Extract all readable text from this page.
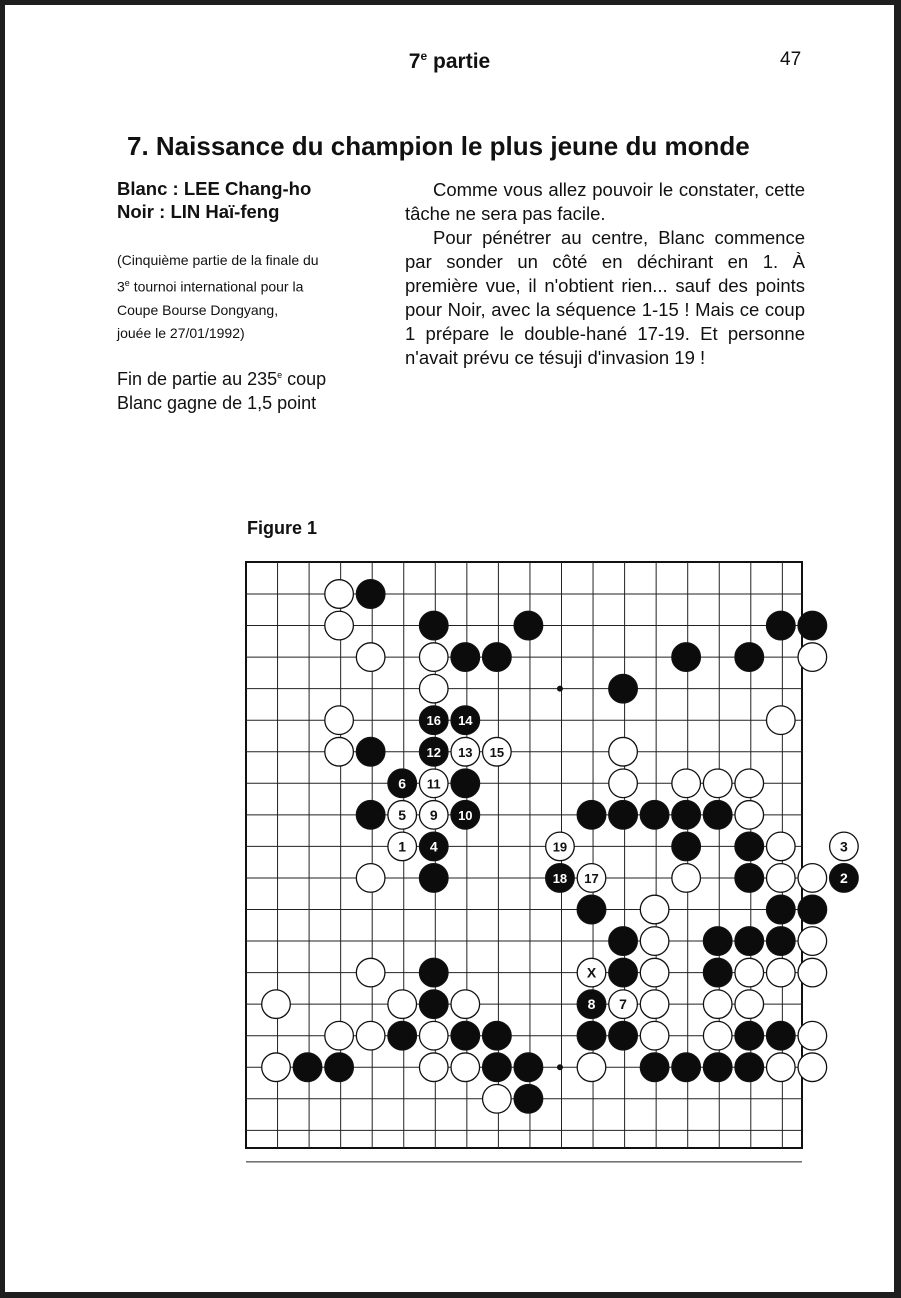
7e partie	47
7. Naissance du champion le plus jeune du monde
Blanc : LEE Chang-ho
Noir : LIN Haï-feng
(Cinquième partie de la finale du
3e tournoi international pour la
Coupe Bourse Dongyang,
jouée le 27/01/1992)
Fin de partie au 235e coup
Blanc gagne de 1,5 point

Comme vous allez pouvoir le constater, cette tâche ne sera pas facile.

Pour pénétrer au centre, Blanc commence par sonder un côté en déchirant en 1. À première vue, il n'obtient rien... sauf des points pour Noir, avec la séquence 1-15 ! Mais ce coup 1 prépare le double-hané 17-19. Et personne n'avait prévu ce tésuji d'invasion 19 !

Figure 1
16 14
12 13 15
6 11
5 9 10
1 4	19	3
18 17	2
X
8 7
